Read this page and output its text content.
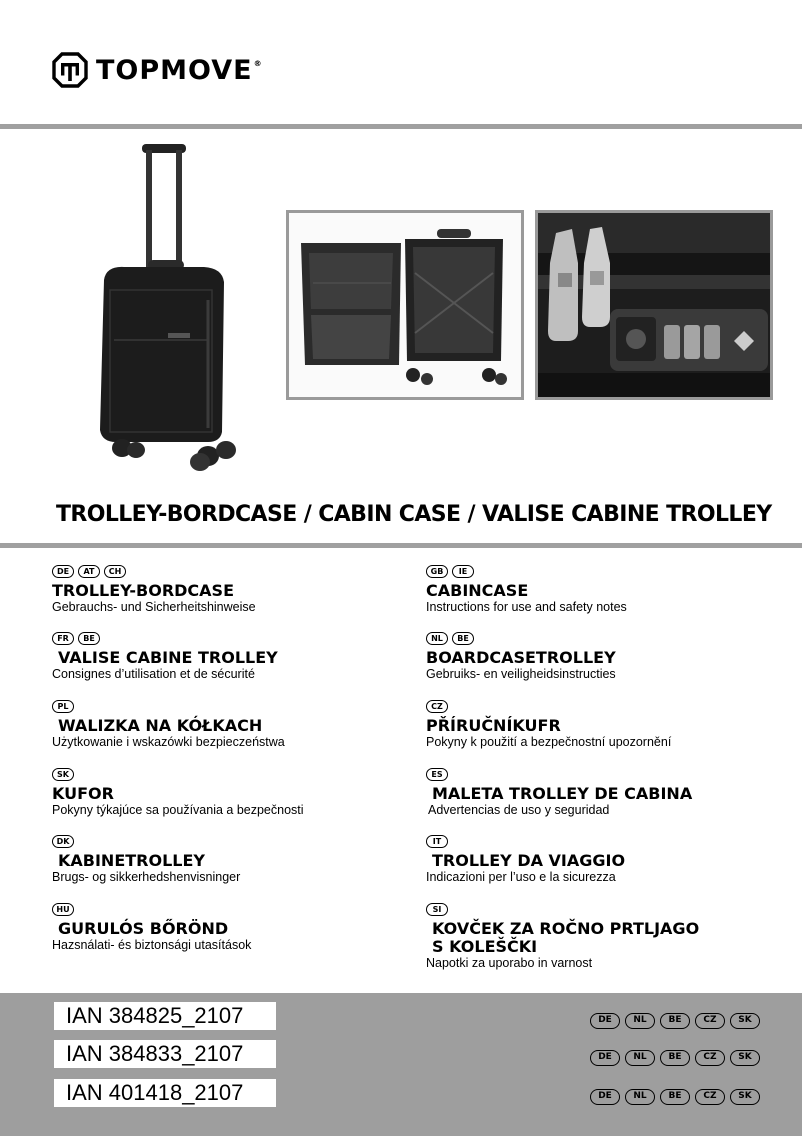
TOPMOVE®
TROLLEY-BORDCASE / CABIN CASE / VALISE CABINE TROLLEY
DE	AT	CH
TROLLEY-BORDCASE
Gebrauchs- und Sicherheitshinweise
FR	BE
VALISE CABINE TROLLEY
Consignes d’utilisation et de sécurité
PL
WALIZKA NA KÓŁKACH
Użytkowanie i wskazówki bezpieczeństwa
SK
KUFOR
Pokyny týkajúce sa používania a bezpečnosti
DK
KABINETROLLEY
Brugs- og sikkerhedshenvisninger
HU
GURULÓS BŐRÖND
Hazsnálati- és biztonsági utasítások
GB	IE
CABINCASE
Instructions for use and safety notes
NL	BE
BOARDCASETROLLEY
Gebruiks- en veiligheidsinstructies
CZ
PŘÍRUČNÍKUFR
Pokyny k použití a bezpečnostní upozornění
ES
MALETA TROLLEY DE CABINA
Advertencias de uso y seguridad
IT
TROLLEY DA VIAGGIO
Indicazioni per l’uso e la sicurezza
SI
KOVČEK ZA ROČNO PRTLJAGO
S KOLEŠČKI
Napotki za uporabo in varnost
IAN 384825_2107
IAN 384833_2107
IAN 401418_2107
DE	NL	BE	CZ	SK
DE	NL	BE	CZ	SK
DE	NL	BE	CZ	SK
